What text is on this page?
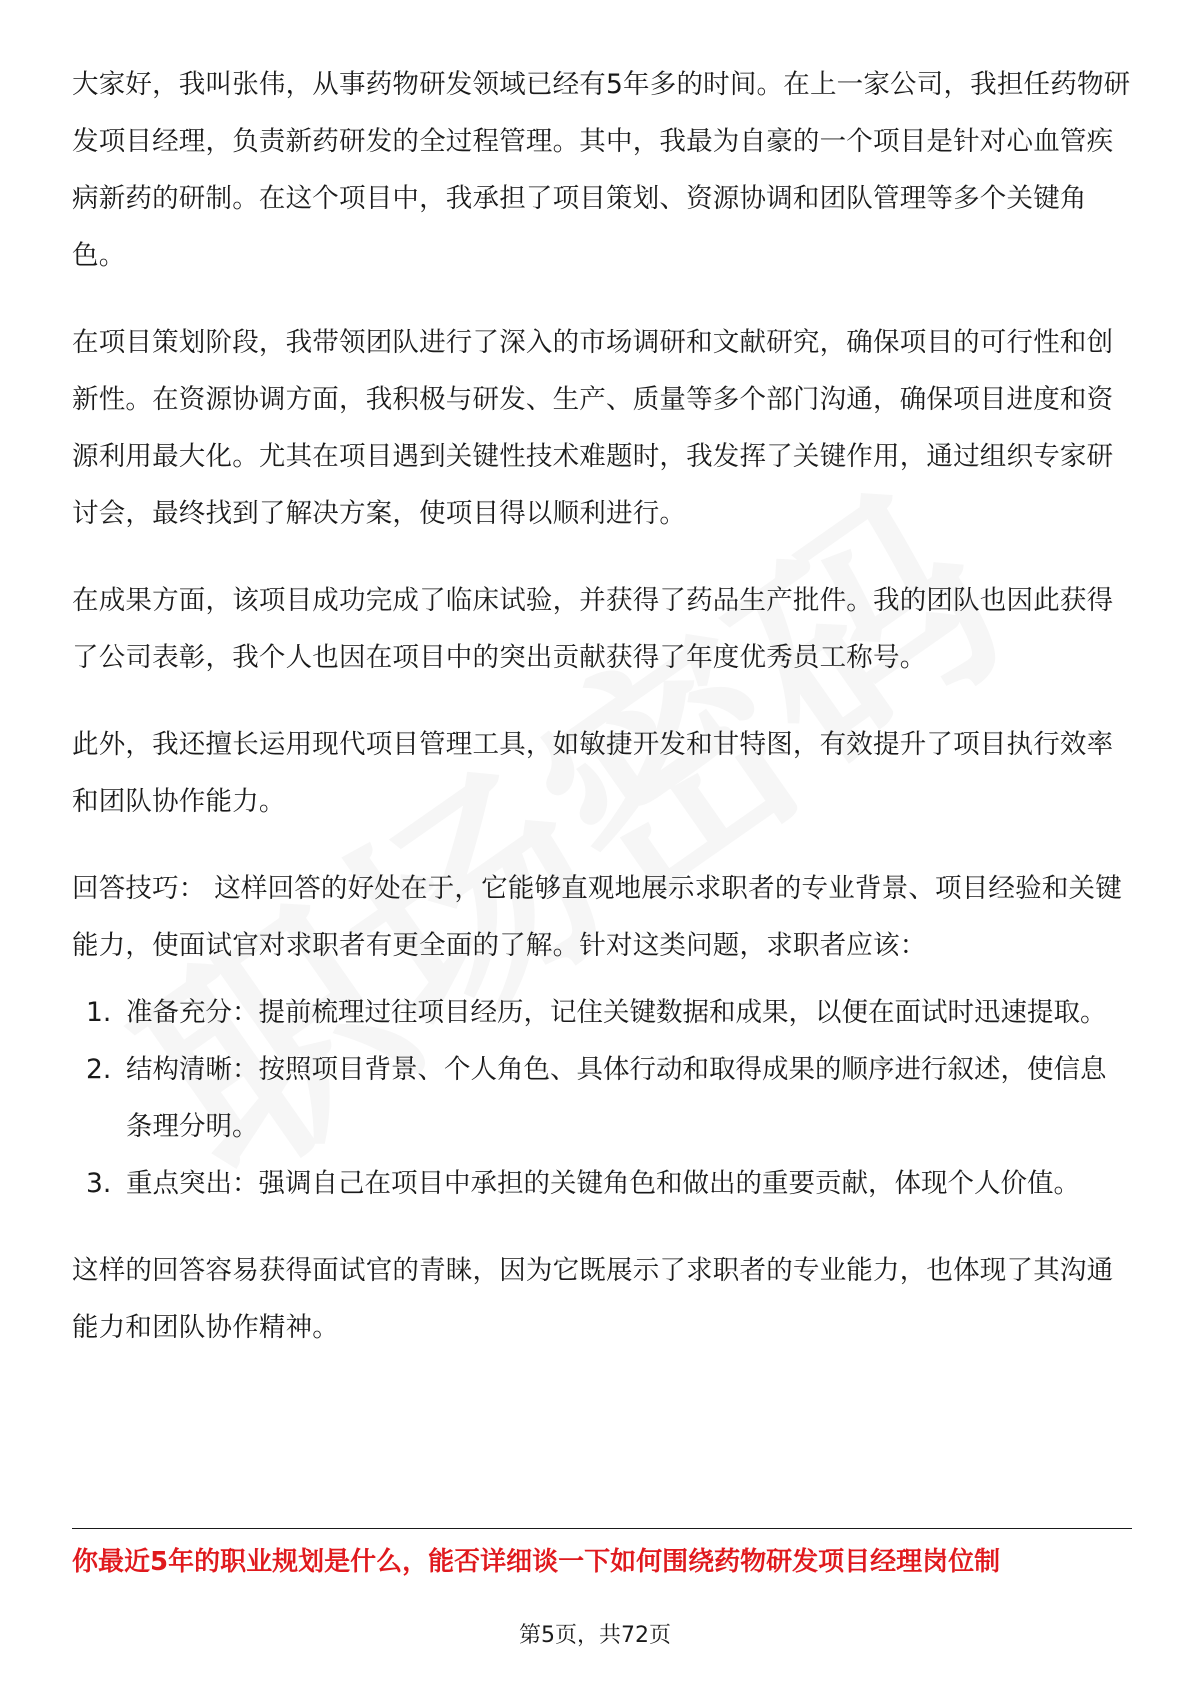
大家好，我叫张伟，从事药物研发领域已经有5年多的时间。在上一家公司，我担任药物研发项目经理，负责新药研发的全过程管理。其中，我最为自豪的一个项目是针对心血管疾病新药的研制。在这个项目中，我承担了项目策划、资源协调和团队管理等多个关键角色。

在项目策划阶段，我带领团队进行了深入的市场调研和文献研究，确保项目的可行性和创新性。在资源协调方面，我积极与研发、生产、质量等多个部门沟通，确保项目进度和资源利用最大化。尤其在项目遇到关键性技术难题时，我发挥了关键作用，通过组织专家研讨会，最终找到了解决方案，使项目得以顺利进行。

在成果方面，该项目成功完成了临床试验，并获得了药品生产批件。我的团队也因此获得了公司表彰，我个人也因在项目中的突出贡献获得了年度优秀员工称号。

此外，我还擅长运用现代项目管理工具，如敏捷开发和甘特图，有效提升了项目执行效率和团队协作能力。

回答技巧： 这样回答的好处在于，它能够直观地展示求职者的专业背景、项目经验和关键能力，使面试官对求职者有更全面的了解。针对这类问题，求职者应该：

1. 准备充分：提前梳理过往项目经历，记住关键数据和成果，以便在面试时迅速提取。
2. 结构清晰：按照项目背景、个人角色、具体行动和取得成果的顺序进行叙述，使信息条理分明。
3. 重点突出：强调自己在项目中承担的关键角色和做出的重要贡献，体现个人价值。

这样的回答容易获得面试官的青睐，因为它既展示了求职者的专业能力，也体现了其沟通能力和团队协作精神。

你最近5年的职业规划是什么，能否详细谈一下如何围绕药物研发项目经理岗位制
第5页，共72页
